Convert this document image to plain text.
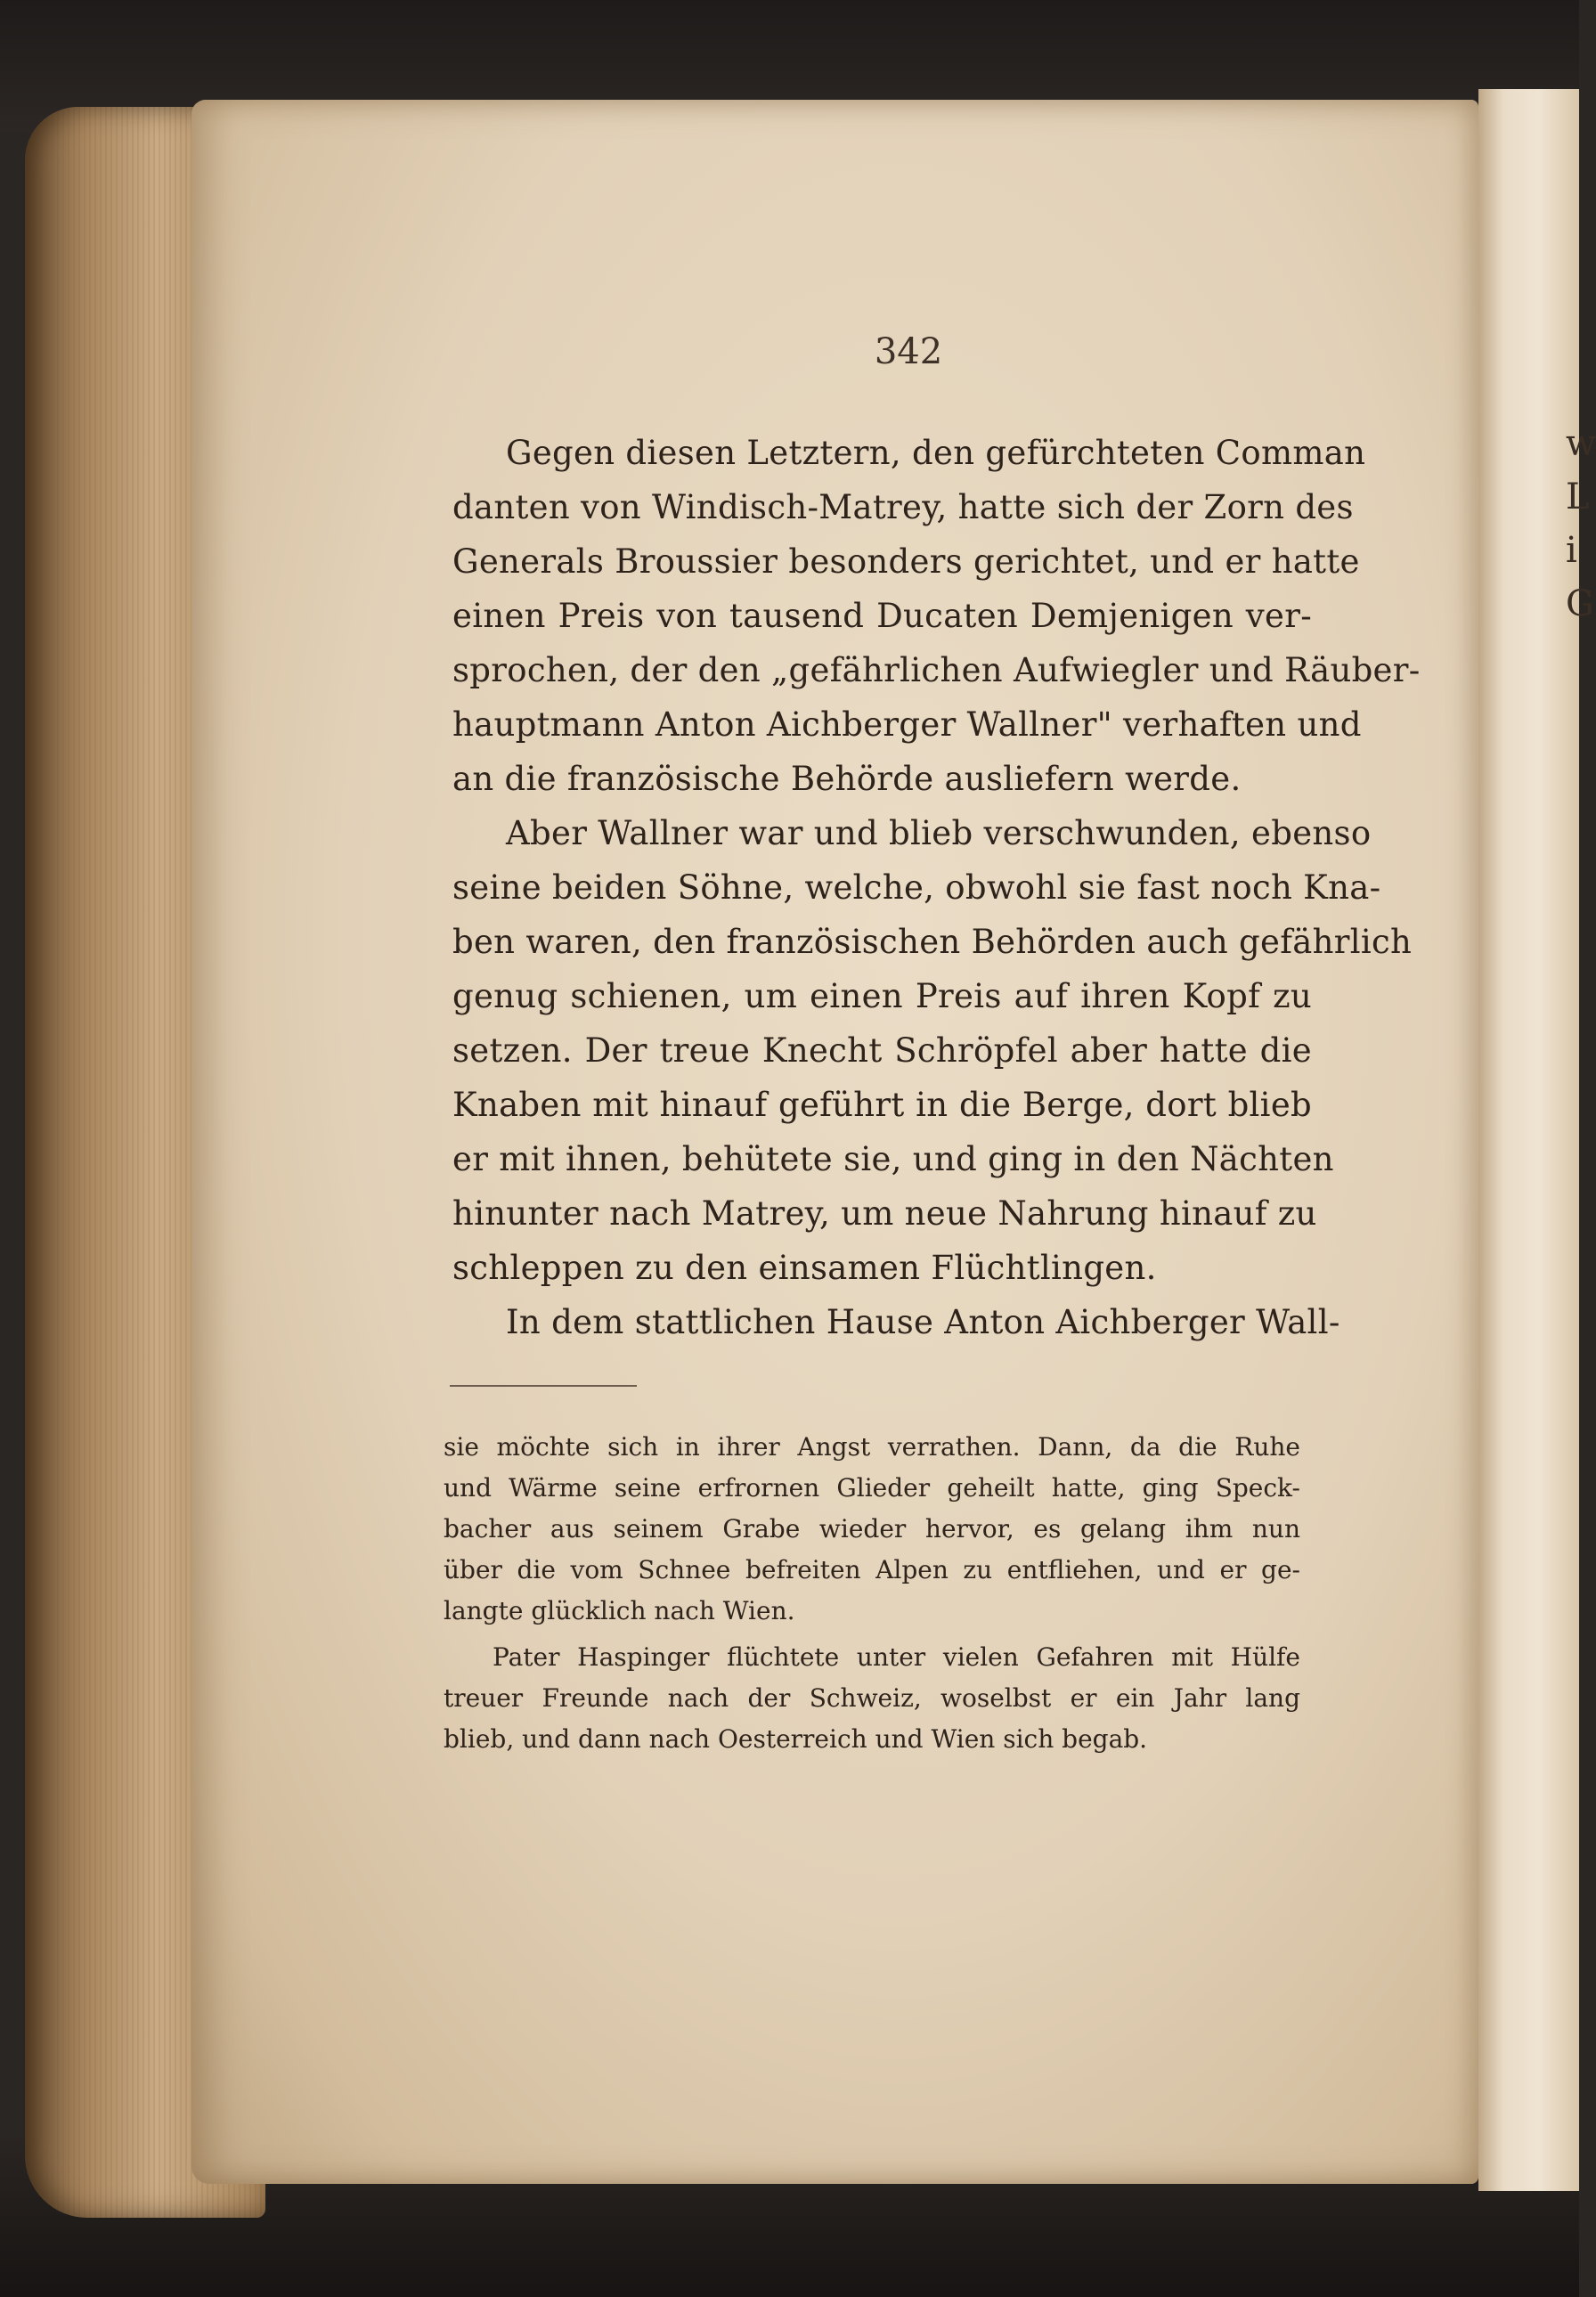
w
L
i
G
342
Gegen diesen Letztern, den gefürchteten Comman
danten von Windisch-Matrey, hatte sich der Zorn des
Generals Broussier besonders gerichtet, und er hatte
einen Preis von tausend Ducaten Demjenigen ver-
sprochen, der den „gefährlichen Aufwiegler und Räuber-
hauptmann Anton Aichberger Wallner" verhaften und
an die französische Behörde ausliefern werde.
Aber Wallner war und blieb verschwunden, ebenso
seine beiden Söhne, welche, obwohl sie fast noch Kna-
ben waren, den französischen Behörden auch gefährlich
genug schienen, um einen Preis auf ihren Kopf zu
setzen. Der treue Knecht Schröpfel aber hatte die
Knaben mit hinauf geführt in die Berge, dort blieb
er mit ihnen, behütete sie, und ging in den Nächten
hinunter nach Matrey, um neue Nahrung hinauf zu
schleppen zu den einsamen Flüchtlingen.
In dem stattlichen Hause Anton Aichberger Wall-
sie möchte sich in ihrer Angst verrathen. Dann, da die Ruhe
und Wärme seine erfrornen Glieder geheilt hatte, ging Speck-
bacher aus seinem Grabe wieder hervor, es gelang ihm nun
über die vom Schnee befreiten Alpen zu entfliehen, und er ge-
langte glücklich nach Wien.
Pater Haspinger flüchtete unter vielen Gefahren mit Hülfe
treuer Freunde nach der Schweiz, woselbst er ein Jahr lang
blieb, und dann nach Oesterreich und Wien sich begab.
